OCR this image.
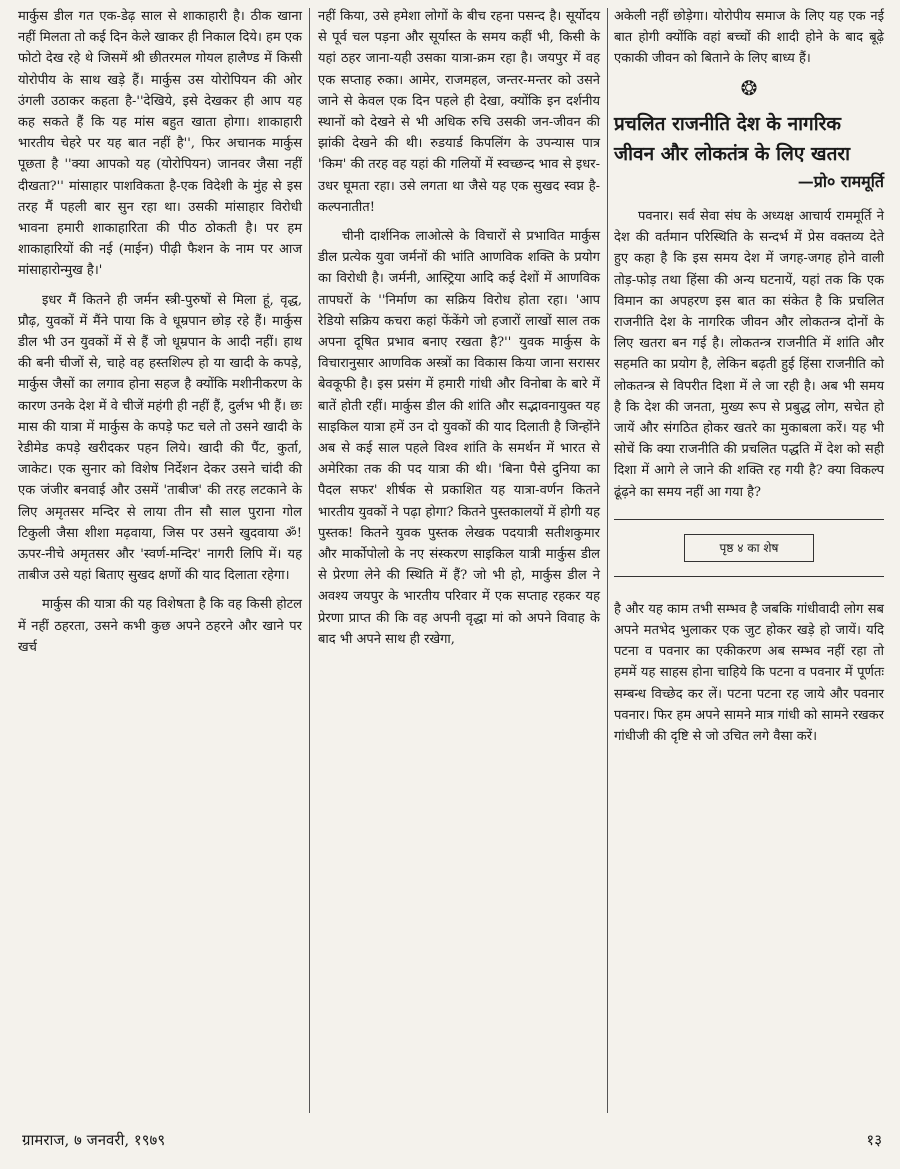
मार्कुस डील गत एक-डेढ़ साल से शाकाहारी है। ठीक खाना नहीं मिलता तो कई दिन केले खाकर ही निकाल दिये। हम एक फोटो देख रहे थे जिसमें श्री छीतरमल गोयल हालैण्ड में किसी योरोपीय के साथ खड़े हैं। मार्कुस उस योरोपियन की ओर उंगली उठाकर कहता है-''देखिये, इसे देखकर ही आप यह कह सकते हैं कि यह मांस बहुत खाता होगा। शाकाहारी भारतीय चेहरे पर यह बात नहीं है'', फिर अचानक मार्कुस पूछता है ''क्या आपको यह (योरोपियन) जानवर जैसा नहीं दीखता?'' मांसाहार पाशविकता है-एक विदेशी के मुंह से इस तरह मैं पहली बार सुन रहा था। उसकी मांसाहार विरोधी भावना हमारी शाकाहारिता की पीठ ठोकती है। पर हम शाकाहारियों की नई (माईन) पीढ़ी फैशन के नाम पर आज मांसाहारोन्मुख है।'

इधर मैं कितने ही जर्मन स्त्री-पुरुषों से मिला हूं, वृद्ध, प्रौढ़, युवकों में मैंने पाया कि वे धूम्रपान छोड़ रहे हैं। मार्कुस डील भी उन युवकों में से हैं जो धूम्रपान के आदी नहीं। हाथ की बनी चीजों से, चाहे वह हस्तशिल्प हो या खादी के कपड़े, मार्कुस जैसों का लगाव होना सहज है क्योंकि मशीनीकरण के कारण उनके देश में वे चीजें महंगी ही नहीं हैं, दुर्लभ भी हैं। छः मास की यात्रा में मार्कुस के कपड़े फट चले तो उसने खादी के रेडीमेड कपड़े खरीदकर पहन लिये। खादी की पैंट, कुर्ता, जाकेट। एक सुनार को विशेष निर्देशन देकर उसने चांदी की एक जंजीर बनवाई और उसमें 'ताबीज' की तरह लटकाने के लिए अमृतसर मन्दिर से लाया तीन सौ साल पुराना गोल टिकुली जैसा शीशा मढ़वाया, जिस पर उसने खुदवाया ॐ! ऊपर-नीचे अमृतसर और 'स्वर्ण-मन्दिर' नागरी लिपि में। यह ताबीज उसे यहां बिताए सुखद क्षणों की याद दिलाता रहेगा।

मार्कुस की यात्रा की यह विशेषता है कि वह किसी होटल में नहीं ठहरता, उसने कभी कुछ अपने ठहरने और खाने पर खर्च

नहीं किया, उसे हमेशा लोगों के बीच रहना पसन्द है। सूर्योदय से पूर्व चल पड़ना और सूर्यास्त के समय कहीं भी, किसी के यहां ठहर जाना-यही उसका यात्रा-क्रम रहा है। जयपुर में वह एक सप्ताह रुका। आमेर, राजमहल, जन्तर-मन्तर को उसने जाने से केवल एक दिन पहले ही देखा, क्योंकि इन दर्शनीय स्थानों को देखने से भी अधिक रुचि उसकी जन-जीवन की झांकी देखने की थी। रुडयार्ड किपलिंग के उपन्यास पात्र 'किम' की तरह वह यहां की गलियों में स्वच्छन्द भाव से इधर-उधर घूमता रहा। उसे लगता था जैसे यह एक सुखद स्वप्न है-कल्पनातीत!

चीनी दार्शनिक लाओत्से के विचारों से प्रभावित मार्कुस डील प्रत्येक युवा जर्मनों की भांति आणविक शक्ति के प्रयोग का विरोधी है। जर्मनी, आस्ट्रिया आदि कई देशों में आणविक तापघरों के ''निर्माण का सक्रिय विरोध होता रहा। 'आप रेडियो सक्रिय कचरा कहां फेंकेंगे जो हजारों लाखों साल तक अपना दूषित प्रभाव बनाए रखता है?'' युवक मार्कुस के विचारानुसार आणविक अस्त्रों का विकास किया जाना सरासर बेवकूफी है। इस प्रसंग में हमारी गांधी और विनोबा के बारे में बातें होती रहीं। मार्कुस डील की शांति और सद्भावनायुक्त यह साइकिल यात्रा हमें उन दो युवकों की याद दिलाती है जिन्होंने अब से कई साल पहले विश्व शांति के समर्थन में भारत से अमेरिका तक की पद यात्रा की थी। 'बिना पैसे दुनिया का पैदल सफर' शीर्षक से प्रकाशित यह यात्रा-वर्णन कितने भारतीय युवकों ने पढ़ा होगा? कितने पुस्तकालयों में होगी यह पुस्तक! कितने युवक पुस्तक लेखक पदयात्री सतीशकुमार और मार्कोपोलो के नए संस्करण साइकिल यात्री मार्कुस डील से प्रेरणा लेने की स्थिति में हैं? जो भी हो, मार्कुस डील ने अवश्य जयपुर के भारतीय परिवार में एक सप्ताह रहकर यह प्रेरणा प्राप्त की कि वह अपनी वृद्धा मां को अपने विवाह के बाद भी अपने साथ ही रखेगा,

अकेली नहीं छोड़ेगा। योरोपीय समाज के लिए यह एक नई बात होगी क्योंकि वहां बच्चों की शादी होने के बाद बूढ़े एकाकी जीवन को बिताने के लिए बाध्य हैं।

❂
प्रचलित राजनीति देश के नागरिक जीवन और लोकतंत्र के लिए खतरा
—प्रो० राममूर्ति

पवनार। सर्व सेवा संघ के अध्यक्ष आचार्य राममूर्ति ने देश की वर्तमान परिस्थिति के सन्दर्भ में प्रेस वक्तव्य देते हुए कहा है कि इस समय देश में जगह-जगह होने वाली तोड़-फोड़ तथा हिंसा की अन्य घटनायें, यहां तक कि एक विमान का अपहरण इस बात का संकेत है कि प्रचलित राजनीति देश के नागरिक जीवन और लोकतन्त्र दोनों के लिए खतरा बन गई है। लोकतन्त्र राजनीति में शांति और सहमति का प्रयोग है, लेकिन बढ़ती हुई हिंसा राजनीति को लोकतन्त्र से विपरीत दिशा में ले जा रही है। अब भी समय है कि देश की जनता, मुख्य रूप से प्रबुद्ध लोग, सचेत हो जायें और संगठित होकर खतरे का मुकाबला करें। यह भी सोचें कि क्या राजनीति की प्रचलित पद्धति में देश को सही दिशा में आगे ले जाने की शक्ति रह गयी है? क्या विकल्प ढूंढ़ने का समय नहीं आ गया है?

पृष्ठ ४ का शेष

है और यह काम तभी सम्भव है जबकि गांधीवादी लोग सब अपने मतभेद भुलाकर एक जुट होकर खड़े हो जायें। यदि पटना व पवनार का एकीकरण अब सम्भव नहीं रहा तो हममें यह साहस होना चाहिये कि पटना व पवनार में पूर्णतः सम्बन्ध विच्छेद कर लें। पटना पटना रह जाये और पवनार पवनार। फिर हम अपने सामने मात्र गांधी को सामने रखकर गांधीजी की दृष्टि से जो उचित लगे वैसा करें।

ग्रामराज, ७ जनवरी, १९७९	१३
